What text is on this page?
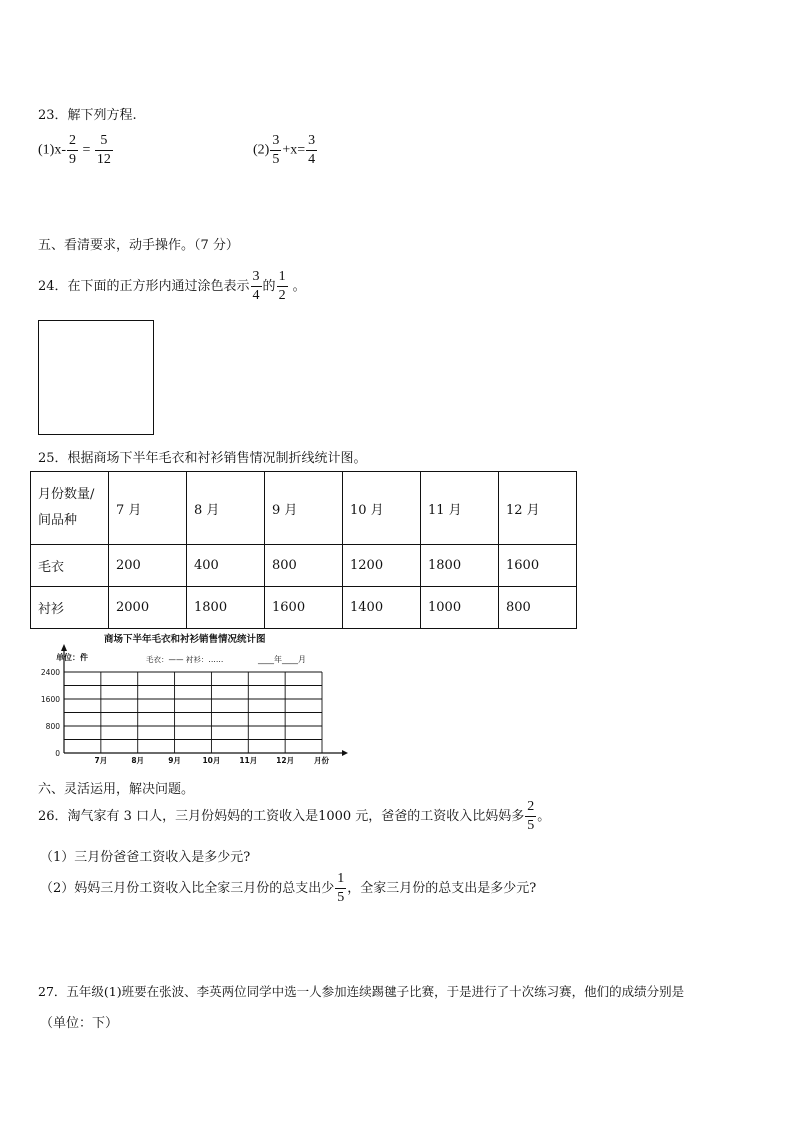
23．解下列方程.
$(1)x- \frac{2}{9} = \frac{5}{12}$	$(2) \frac{3}{5} +x= \frac{3}{4}$
五、看清要求，动手操作。（7 分）
24．在下面的正方形内通过涂色表示 $\frac{3}{4}$ 的 $\frac{1}{2}$ 。
25．根据商场下半年毛衣和衬衫销售情况制折线统计图。
月份数量/
间品种	7 月	8 月	9 月	10 月	11 月	12 月
毛衣	200	400	800	1200	1800	1600
衬衫	2000	1800	1600	1400	1000	800
商场下半年毛衣和衬衫销售情况统计图
单位：件	毛衣：—— 衬衫：……	____年____月
0
800
1600
2400
7月	8月	9月	10月	11月	12月	月份
六、灵活运用，解决问题。
26．淘气家有 3 口人，三月份妈妈的工资收入是1000 元，爸爸的工资收入比妈妈多 $\frac{2}{5}$ 。
（1）三月份爸爸工资收入是多少元?
（2）妈妈三月份工资收入比全家三月份的总支出少 $\frac{1}{5}$ ，全家三月份的总支出是多少元?
27．五年级(1)班要在张波、李英两位同学中选一人参加连续踢毽子比赛，于是进行了十次练习赛，他们的成绩分别是
（单位：下）
